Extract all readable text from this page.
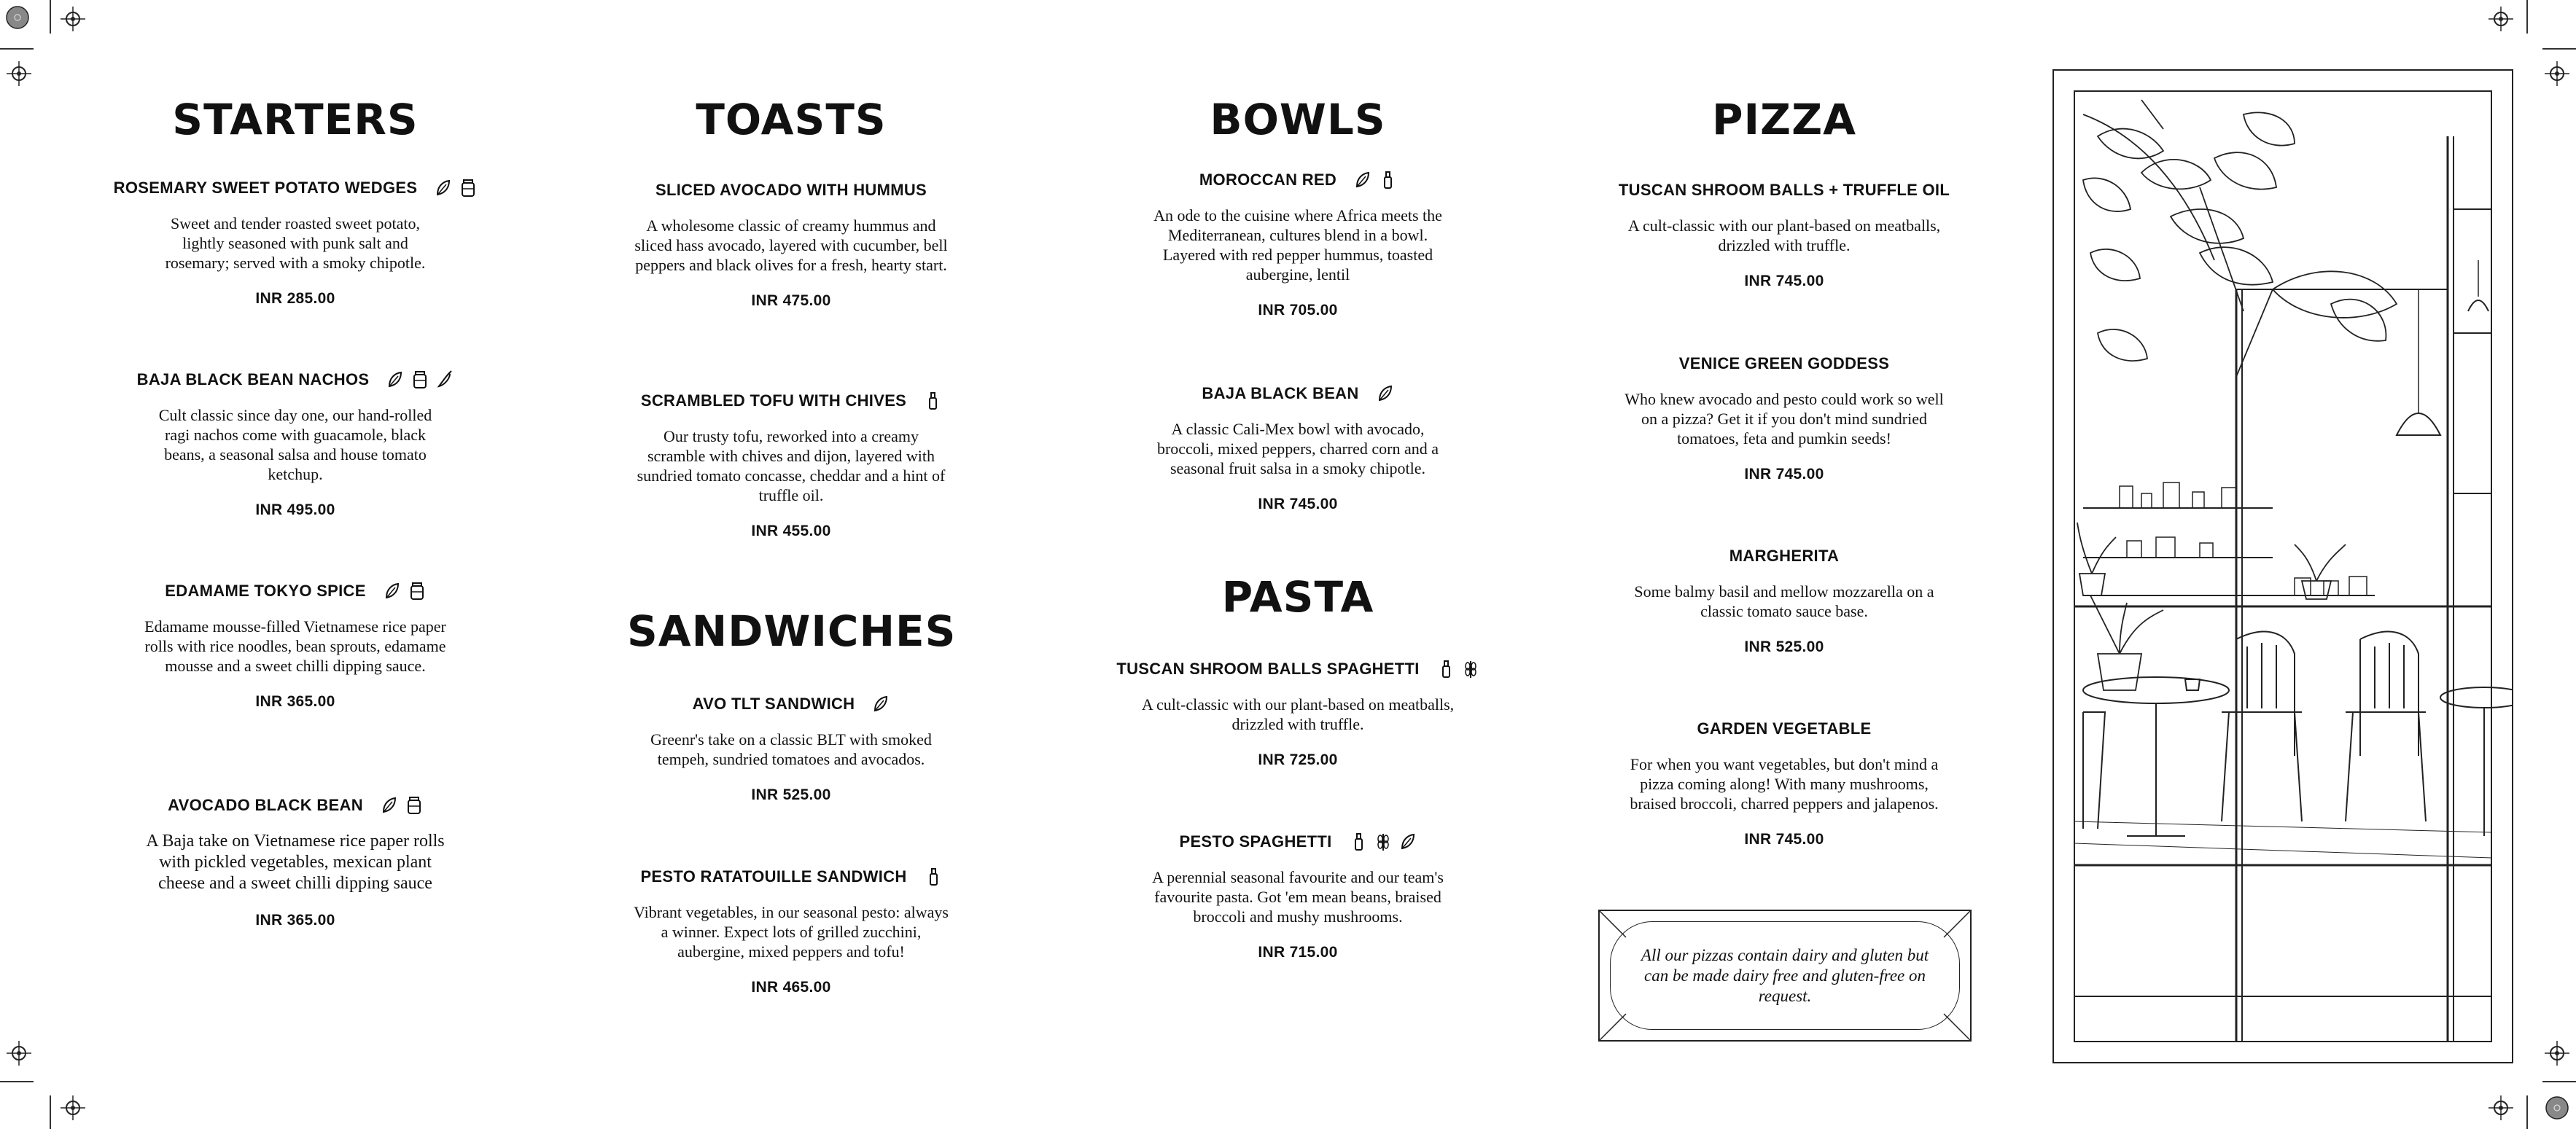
STARTERS
ROSEMARY SWEET POTATO WEDGES
Sweet and tender roasted sweet potato, lightly seasoned with punk salt and rosemary; served with a smoky chipotle.
INR 285.00
BAJA BLACK BEAN NACHOS
Cult classic since day one, our hand-rolled ragi nachos come with guacamole, black beans, a seasonal salsa and house tomato ketchup.
INR 495.00
EDAMAME TOKYO SPICE
Edamame mousse-filled Vietnamese rice paper rolls with rice noodles, bean sprouts, edamame mousse and a sweet chilli dipping sauce.
INR 365.00
AVOCADO BLACK BEAN
A Baja take on Vietnamese rice paper rolls with pickled vegetables, mexican plant cheese and a sweet chilli dipping sauce
INR 365.00
TOASTS
SLICED AVOCADO WITH HUMMUS
A wholesome classic of creamy hummus and sliced hass avocado, layered with cucumber, bell peppers and black olives for a fresh, hearty start.
INR 475.00
SCRAMBLED TOFU WITH CHIVES
Our trusty tofu, reworked into a creamy scramble with chives and dijon, layered with sundried tomato concasse, cheddar and a hint of truffle oil.
INR 455.00
SANDWICHES
AVO TLT SANDWICH
Greenr's take on a classic BLT with smoked tempeh, sundried tomatoes and avocados.
INR 525.00
PESTO RATATOUILLE SANDWICH
Vibrant vegetables, in our seasonal pesto: always a winner. Expect lots of grilled zucchini, aubergine, mixed peppers and tofu!
INR 465.00
BOWLS
MOROCCAN RED
An ode to the cuisine where Africa meets the Mediterranean, cultures blend in a bowl. Layered with red pepper hummus, toasted aubergine, lentil
INR 705.00
BAJA BLACK BEAN
A classic Cali-Mex bowl with avocado, broccoli, mixed peppers, charred corn and a seasonal fruit salsa in a smoky chipotle.
INR 745.00
PASTA
TUSCAN SHROOM BALLS SPAGHETTI
A cult-classic with our plant-based on meatballs, drizzled with truffle.
INR 725.00
PESTO SPAGHETTI
A perennial seasonal favourite and our team's favourite pasta. Got 'em mean beans, braised broccoli and mushy mushrooms.
INR 715.00
PIZZA
TUSCAN SHROOM BALLS + TRUFFLE OIL
A cult-classic with our plant-based on meatballs, drizzled with truffle.
INR 745.00
VENICE GREEN GODDESS
Who knew avocado and pesto could work so well on a pizza? Get it if you don't mind sundried tomatoes, feta and pumkin seeds!
INR 745.00
MARGHERITA
Some balmy basil and mellow mozzarella on a classic tomato sauce base.
INR 525.00
GARDEN VEGETABLE
For when you want vegetables, but don't mind a pizza coming along! With many mushrooms, braised broccoli, charred peppers and jalapenos.
INR 745.00
All our pizzas contain dairy and gluten but can be made dairy free and gluten-free on request.
